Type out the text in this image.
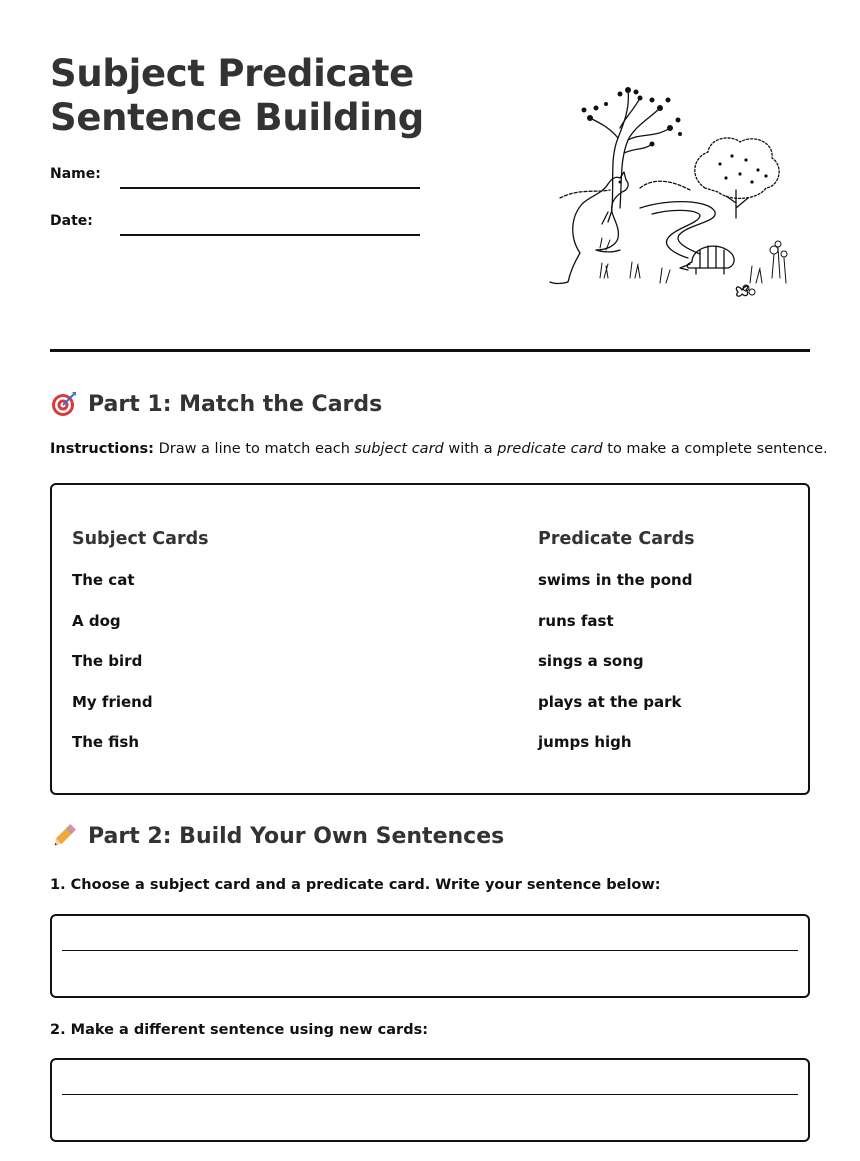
Subject Predicate
Sentence Building
Name:
Date:
Part 1: Match the Cards
Instructions: Draw a line to match each subject card with a predicate card to make a complete sentence.
Subject Cards
The cat
A dog
The bird
My friend
The fish
Predicate Cards
swims in the pond
runs fast
sings a song
plays at the park
jumps high
Part 2: Build Your Own Sentences
1. Choose a subject card and a predicate card. Write your sentence below:
2. Make a different sentence using new cards:
